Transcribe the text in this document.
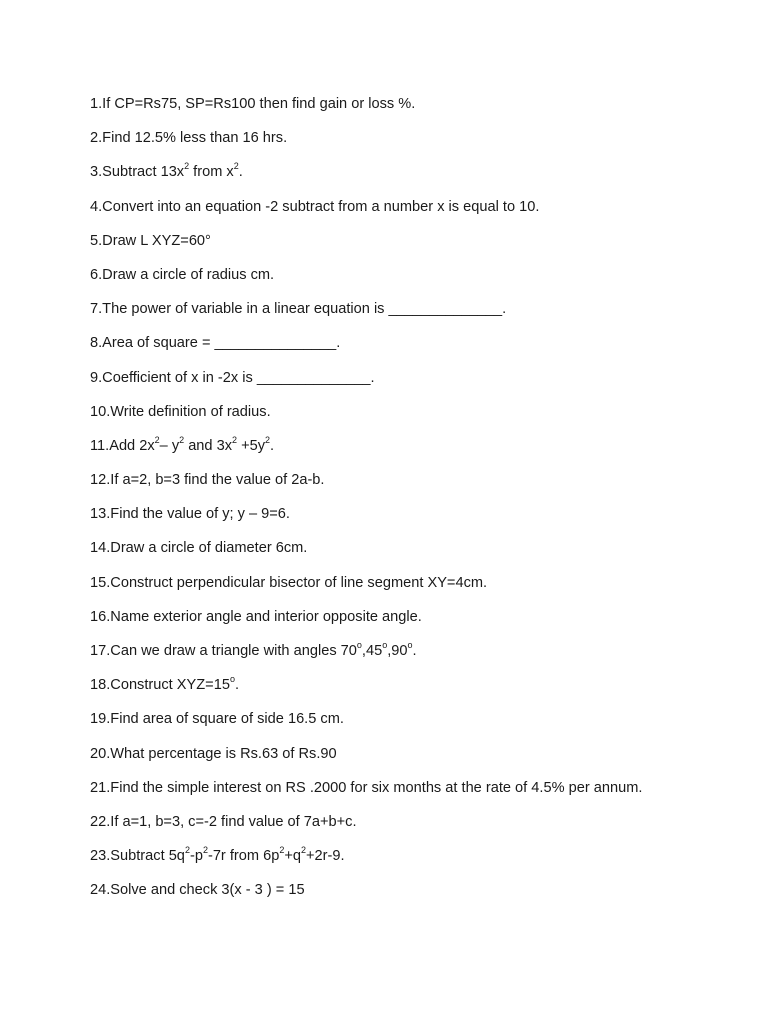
1.If CP=Rs75, SP=Rs100 then find gain or loss %.

2.Find 12.5% less than 16 hrs.

3.Subtract $13x^2$ from $x^2$.

4.Convert into an equation -2 subtract from a number x is equal to 10.

5.Draw L XYZ=60°

6.Draw a circle of radius cm.

7.The power of variable in a linear equation is ______________.

8.Area of square = _______________.

9.Coefficient of x in -2x is ______________.

10.Write definition of radius.

11.Add $2x^2-$ $y^2$ and $3x^2 +5y^2$.

12.If a=2, b=3 find the value of 2a-b.

13.Find the value of y; y – 9=6.

14.Draw a circle of diameter 6cm.

15.Construct perpendicular bisector of line segment XY=4cm.

16.Name exterior angle and interior opposite angle.

17.Can we draw a triangle with angles 70$^o$,45$^o$,90$^o$.

18.Construct $XYZ=15^o$.

19.Find area of square of side 16.5 cm.

20.What percentage is Rs.63 of Rs.90

21.Find the simple interest on RS .2000 for six months at the rate of 4.5% per annum.

22.If a=1, b=3, c=-2 find value of 7a+b+c.

23.Subtract $5q^2-p^2-7r$ from $6p^2+q^2+2r-9$.

24.Solve and check 3(x - 3 ) = 15
